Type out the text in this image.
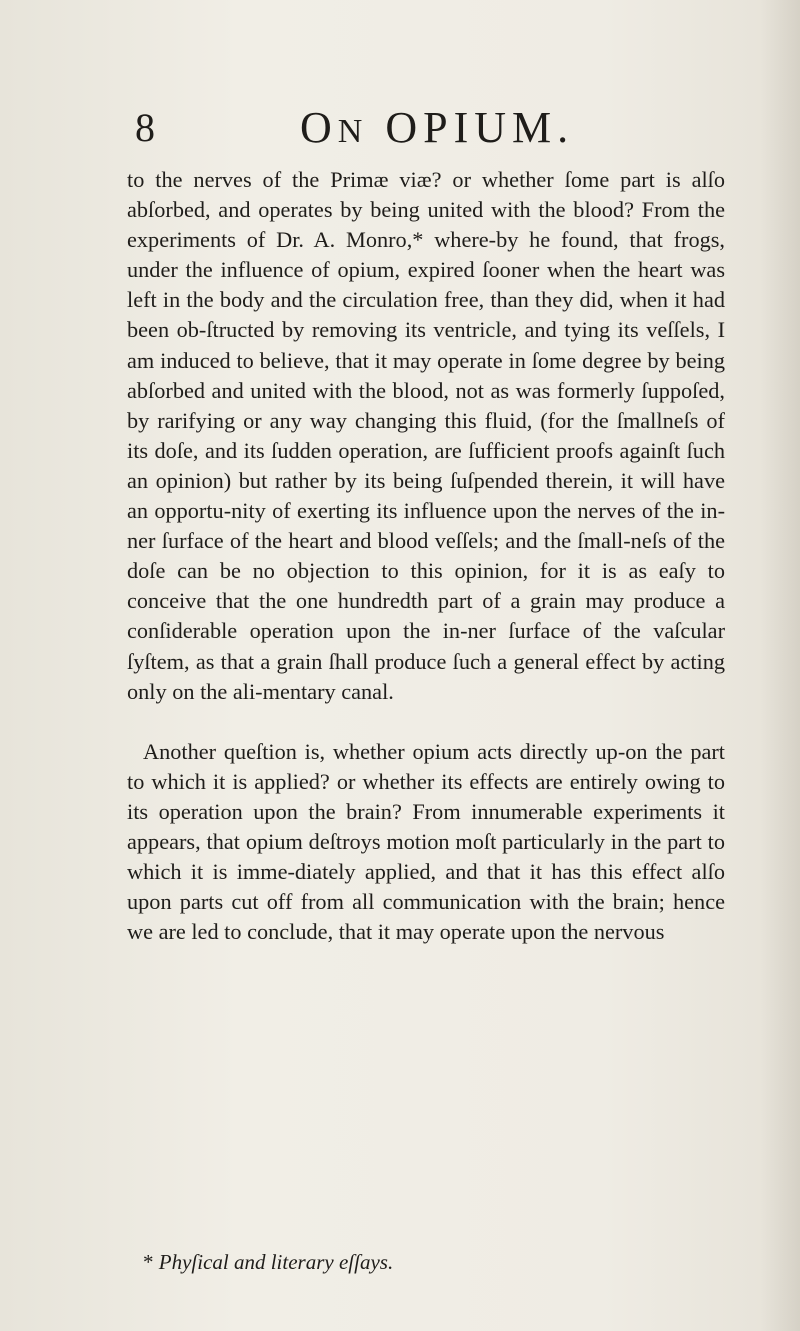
8	ON OPIUM.

to the nerves of the Primæ viæ? or whether ſome part is alſo abſorbed, and operates by being united with the blood? From the experiments of Dr. A. Monro,* where-by he found, that frogs, under the influence of opium, expired ſooner when the heart was left in the body and the circulation free, than they did, when it had been ob-ſtructed by removing its ventricle, and tying its veſſels, I am induced to believe, that it may operate in ſome degree by being abſorbed and united with the blood, not as was formerly ſuppoſed, by rarifying or any way changing this fluid, (for the ſmallneſs of its doſe, and its ſudden operation, are ſufficient proofs againſt ſuch an opinion) but rather by its being ſuſpended therein, it will have an opportu-nity of exerting its influence upon the nerves of the in-ner ſurface of the heart and blood veſſels; and the ſmall-neſs of the doſe can be no objection to this opinion, for it is as eaſy to conceive that the one hundredth part of a grain may produce a conſiderable operation upon the in-ner ſurface of the vaſcular ſyſtem, as that a grain ſhall produce ſuch a general effect by acting only on the ali-mentary canal.

Another queſtion is, whether opium acts directly up-on the part to which it is applied? or whether its effects are entirely owing to its operation upon the brain? From innumerable experiments it appears, that opium deſtroys motion moſt particularly in the part to which it is imme-diately applied, and that it has this effect alſo upon parts cut off from all communication with the brain; hence we are led to conclude, that it may operate upon the nervous

* Phyſical and literary eſſays.
